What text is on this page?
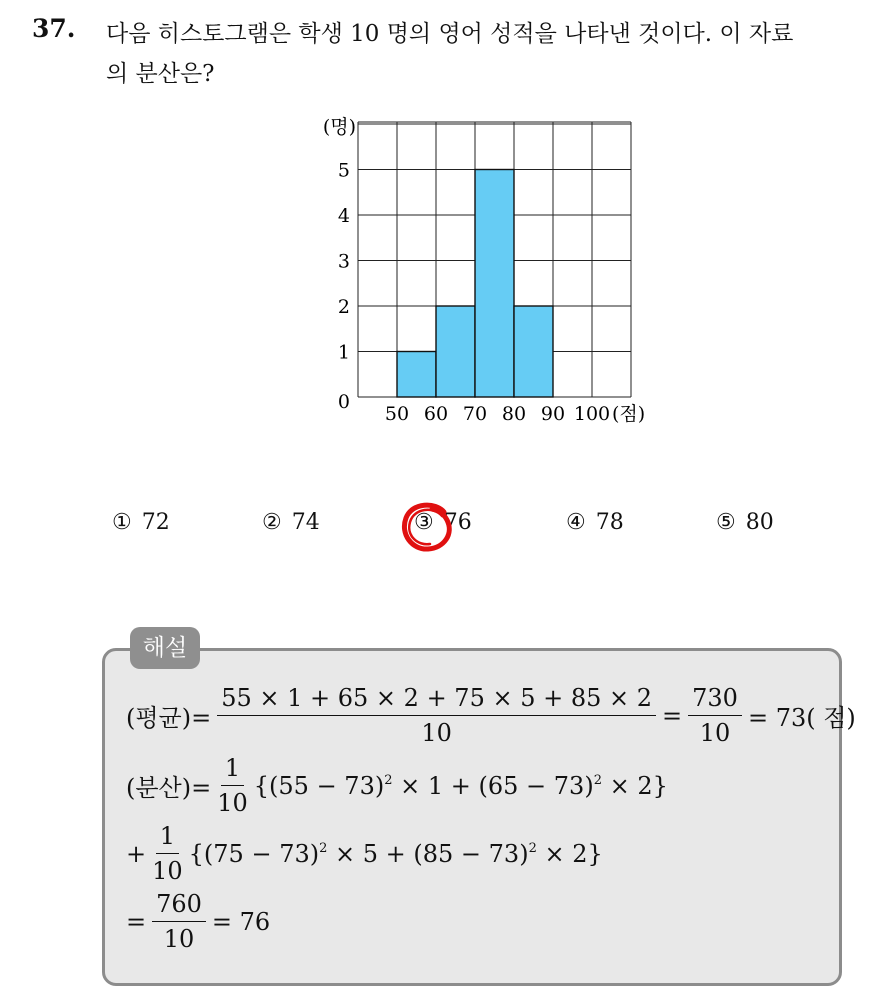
37. 다음 히스토그램은 학생 10 명의 영어 성적을 나타낸 것이다. 이 자료
의 분산은?
1
2
3
4
5
0
(명)
50 60 70 80 90 100 (점)
① 72	② 74	③ 76	④ 78	⑤ 80
해설
(평균)= $\frac{55 \times 1 + 65 \times 2 + 75 \times 5 + 85 \times 2}{10} = \frac{730}{10} = 73$( 점)
(분산)= $\frac{1}{10} \{(55 - 73)^2 \times 1 + (65 - 73)^2 \times 2\}$
+ $\frac{1}{10} \{(75 - 73)^2 \times 5 + (85 - 73)^2 \times 2\}$
= $\frac{760}{10} = 76$
